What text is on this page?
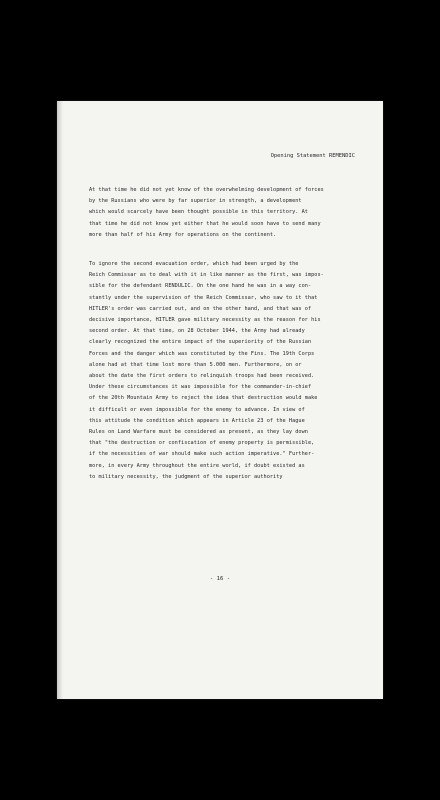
Opening Statement REMENDIC
At that time he did not yet know of the overwhelming development of forces
by the Russians who were by far superior in strength, a development
which would scarcely have been thought possible in this territory. At
that time he did not know yet either that he would soon have to send many
more than half of his Army for operations on the continent.
To ignore the second evacuation order, which had been urged by the
Reich Commissar as to deal with it in like manner as the first, was impos-
sible for the defendant RENDULIC. On the one hand he was in a way con-
stantly under the supervision of the Reich Commissar, who saw to it that
HITLER's order was carried out, and on the other hand, and that was of
decisive importance, HITLER gave military necessity as the reason for his
second order. At that time, on 28 October 1944, the Army had already
clearly recognized the entire impact of the superiority of the Russian
Forces and the danger which was constituted by the Fins. The 19th Corps
alone had at that time lost more than 5.000 men. Furthermore, on or
about the date the first orders to relinquish troops had been received.
Under these circumstances it was impossible for the commander-in-chief
of the 20th Mountain Army to reject the idea that destruction would make
it difficult or even impossible for the enemy to advance. In view of
this attitude the condition which appears in Article 23 of the Hague
Rules on Land Warfare must be considered as present, as they lay down
that "the destruction or confiscation of enemy property is permissible,
if the necessities of war should make such action imperative." Further-
more, in every Army throughout the entire world, if doubt existed as
to military necessity, the judgment of the superior authority
- 16 -
